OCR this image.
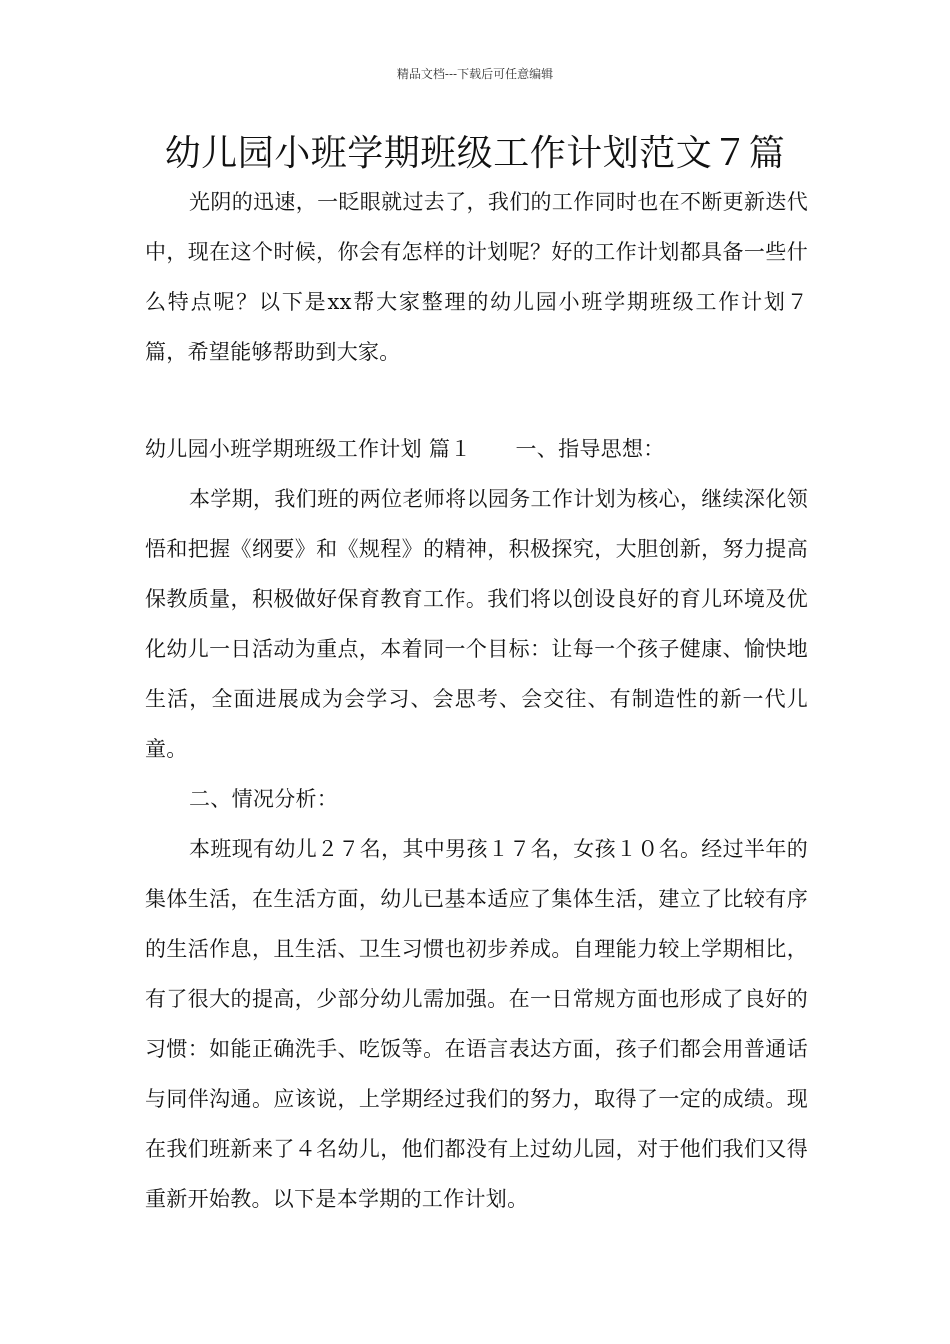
精品文档---下载后可任意编辑
幼儿园小班学期班级工作计划范文７篇

光阴的迅速，一眨眼就过去了，我们的工作同时也在不断更新迭代中，现在这个时候，你会有怎样的计划呢？好的工作计划都具备一些什么特点呢？以下是xx帮大家整理的幼儿园小班学期班级工作计划７篇，希望能够帮助到大家。

幼儿园小班学期班级工作计划 篇１ 一、指导思想：

本学期，我们班的两位老师将以园务工作计划为核心，继续深化领悟和把握《纲要》和《规程》的精神，积极探究，大胆创新，努力提高保教质量，积极做好保育教育工作。我们将以创设良好的育儿环境及优化幼儿一日活动为重点，本着同一个目标：让每一个孩子健康、愉快地生活，全面进展成为会学习、会思考、会交往、有制造性的新一代儿童。

二、情况分析：

本班现有幼儿２７名，其中男孩１７名，女孩１０名。经过半年的集体生活，在生活方面，幼儿已基本适应了集体生活，建立了比较有序的生活作息，且生活、卫生习惯也初步养成。自理能力较上学期相比，有了很大的提高，少部分幼儿需加强。在一日常规方面也形成了良好的习惯：如能正确洗手、吃饭等。在语言表达方面，孩子们都会用普通话与同伴沟通。应该说，上学期经过我们的努力，取得了一定的成绩。现在我们班新来了４名幼儿，他们都没有上过幼儿园，对于他们我们又得重新开始教。以下是本学期的工作计划。
